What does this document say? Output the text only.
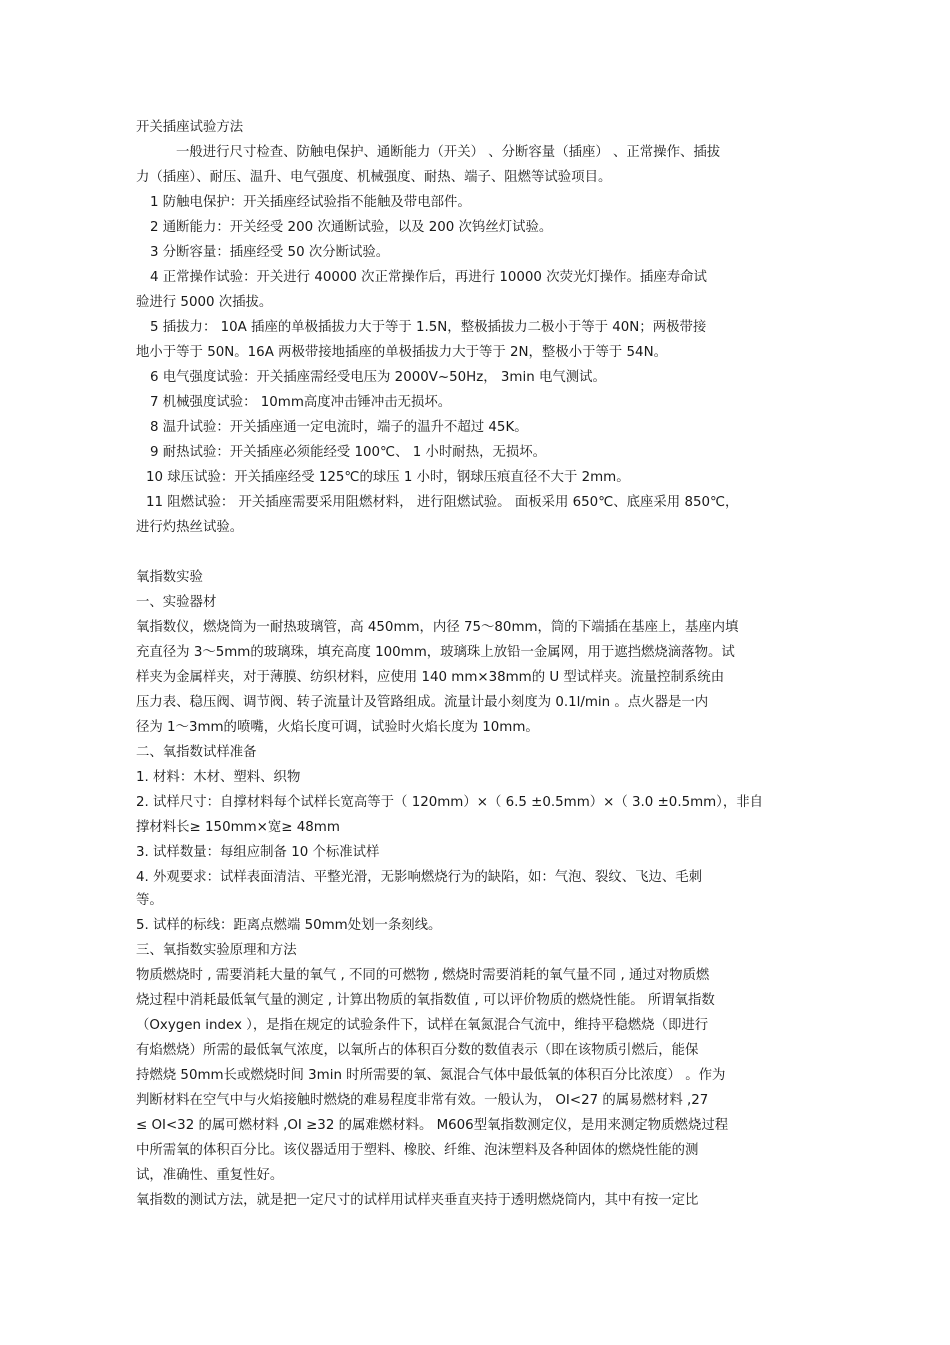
开关插座试验方法
一般进行尺寸检查、防触电保护、通断能力（开关） 、分断容量（插座） 、正常操作、插拔
力（插座）、耐压、温升、电气强度、机械强度、耐热、端子、阻燃等试验项目。
1 防触电保护：开关插座经试验指不能触及带电部件。
2 通断能力：开关经受 200 次通断试验，以及 200 次钨丝灯试验。
3 分断容量：插座经受 50 次分断试验。
4 正常操作试验：开关进行 40000 次正常操作后，再进行 10000 次荧光灯操作。插座寿命试
验进行 5000 次插拔。
5 插拔力： 10A 插座的单极插拔力大于等于 1.5N，整极插拔力二极小于等于 40N；两极带接
地小于等于 50N。16A 两极带接地插座的单极插拔力大于等于 2N，整极小于等于 54N。
6 电气强度试验：开关插座需经受电压为 2000V~50Hz， 3min 电气测试。
7 机械强度试验： 10mm高度冲击锤冲击无损坏。
8 温升试验：开关插座通一定电流时，端子的温升不超过 45K。
9 耐热试验：开关插座必须能经受 100℃、 1 小时耐热，无损坏。
10 球压试验：开关插座经受 125℃的球压 1 小时，钢球压痕直径不大于 2mm。
11 阻燃试验： 开关插座需要采用阻燃材料， 进行阻燃试验。 面板采用 650℃、底座采用 850℃，
进行灼热丝试验。
氧指数实验
一、实验器材
氧指数仪，燃烧筒为一耐热玻璃管，高 450mm，内径 75～80mm，筒的下端插在基座上，基座内填
充直径为 3～5mm的玻璃珠，填充高度 100mm，玻璃珠上放铅一金属网，用于遮挡燃烧滴落物。试
样夹为金属样夹，对于薄膜、纺织材料，应使用 140 mm×38mm的 U 型试样夹。流量控制系统由
压力表、稳压阀、调节阀、转子流量计及管路组成。流量计最小刻度为 0.1l/min 。点火器是一内
径为 1～3mm的喷嘴，火焰长度可调，试验时火焰长度为 10mm。
二、氧指数试样准备
1. 材料：木材、塑料、织物
2. 试样尺寸：自撑材料每个试样长宽高等于（ 120mm）×（ 6.5 ±0.5mm）×（ 3.0 ±0.5mm），非自
撑材料长≥ 150mm×宽≥ 48mm
3. 试样数量：每组应制备 10 个标准试样
4. 外观要求：试样表面清洁、平整光滑，无影响燃烧行为的缺陷，如：气泡、裂纹、飞边、毛刺
等。
5. 试样的标线：距离点燃端 50mm处划一条刻线。
三、氧指数实验原理和方法
物质燃烧时 , 需要消耗大量的氧气 , 不同的可燃物 , 燃烧时需要消耗的氧气量不同 , 通过对物质燃
烧过程中消耗最低氧气量的测定 , 计算出物质的氧指数值 , 可以评价物质的燃烧性能。 所谓氧指数
（Oxygen index ），是指在规定的试验条件下，试样在氧氮混合气流中，维持平稳燃烧（即进行
有焰燃烧）所需的最低氧气浓度，以氧所占的体积百分数的数值表示（即在该物质引燃后，能保
持燃烧 50mm长或燃烧时间 3min 时所需要的氧、氮混合气体中最低氧的体积百分比浓度） 。作为
判断材料在空气中与火焰接触时燃烧的难易程度非常有效。一般认为， OI<27 的属易燃材料 ,27
≤ OI<32 的属可燃材料 ,OI ≥32 的属难燃材料。 M606型氧指数测定仪，是用来测定物质燃烧过程
中所需氧的体积百分比。该仪器适用于塑料、橡胶、纤维、泡沫塑料及各种固体的燃烧性能的测
试，准确性、重复性好。
氧指数的测试方法，就是把一定尺寸的试样用试样夹垂直夹持于透明燃烧筒内，其中有按一定比
